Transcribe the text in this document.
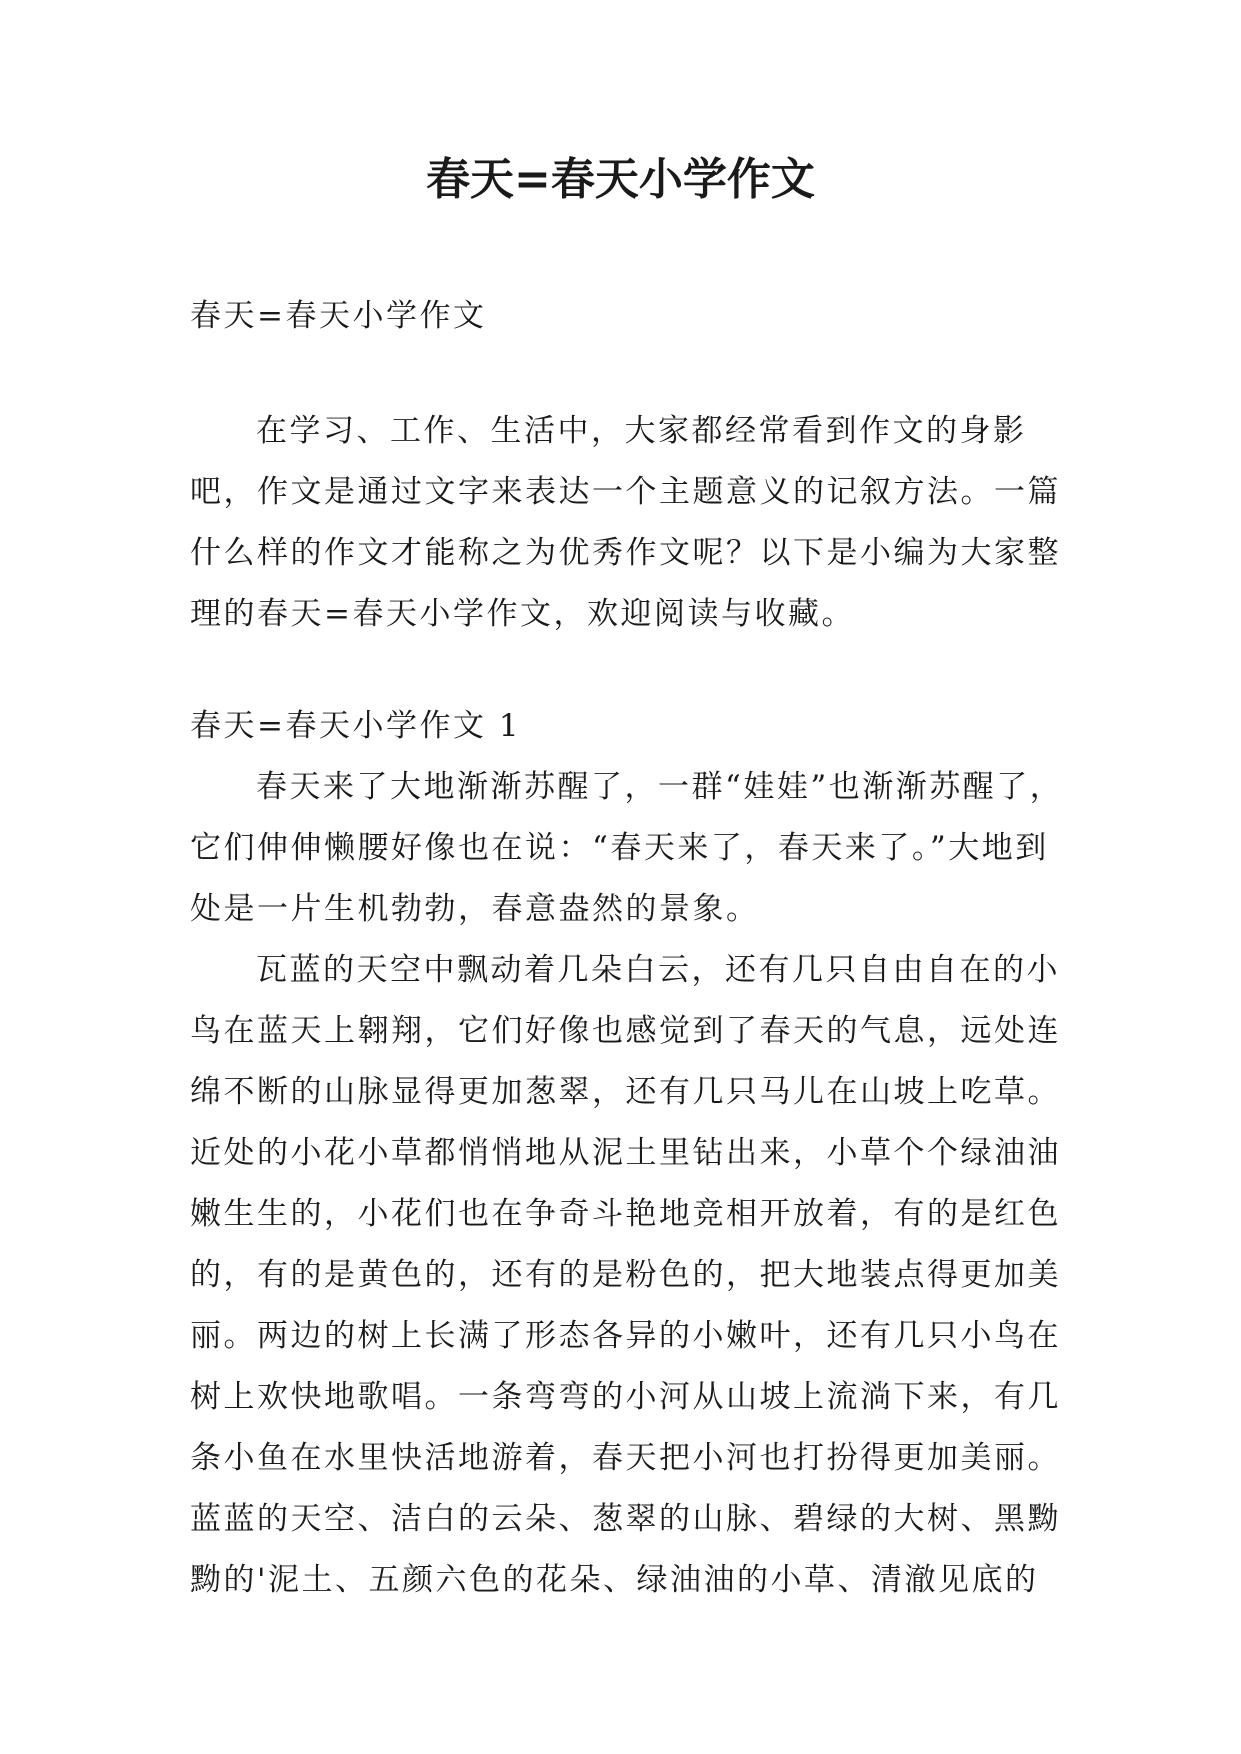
春天=春天小学作文

春天=春天小学作文

在学习、工作、生活中，大家都经常看到作文的身影吧，作文是通过文字来表达一个主题意义的记叙方法。一篇什么样的作文才能称之为优秀作文呢？以下是小编为大家整理的春天=春天小学作文，欢迎阅读与收藏。

春天=春天小学作文 1

春天来了大地渐渐苏醒了，一群“娃娃”也渐渐苏醒了，它们伸伸懒腰好像也在说：“春天来了，春天来了。”大地到处是一片生机勃勃，春意盎然的景象。

瓦蓝的天空中飘动着几朵白云，还有几只自由自在的小鸟在蓝天上翱翔，它们好像也感觉到了春天的气息，远处连绵不断的山脉显得更加葱翠，还有几只马儿在山坡上吃草。近处的小花小草都悄悄地从泥土里钻出来，小草个个绿油油嫩生生的，小花们也在争奇斗艳地竞相开放着，有的是红色的，有的是黄色的，还有的是粉色的，把大地装点得更加美丽。两边的树上长满了形态各异的小嫩叶，还有几只小鸟在树上欢快地歌唱。一条弯弯的小河从山坡上流淌下来，有几条小鱼在水里快活地游着，春天把小河也打扮得更加美丽。蓝蓝的天空、洁白的云朵、葱翠的山脉、碧绿的大树、黑黝黝的'泥土、五颜六色的花朵、绿油油的小草、清澈见底的
